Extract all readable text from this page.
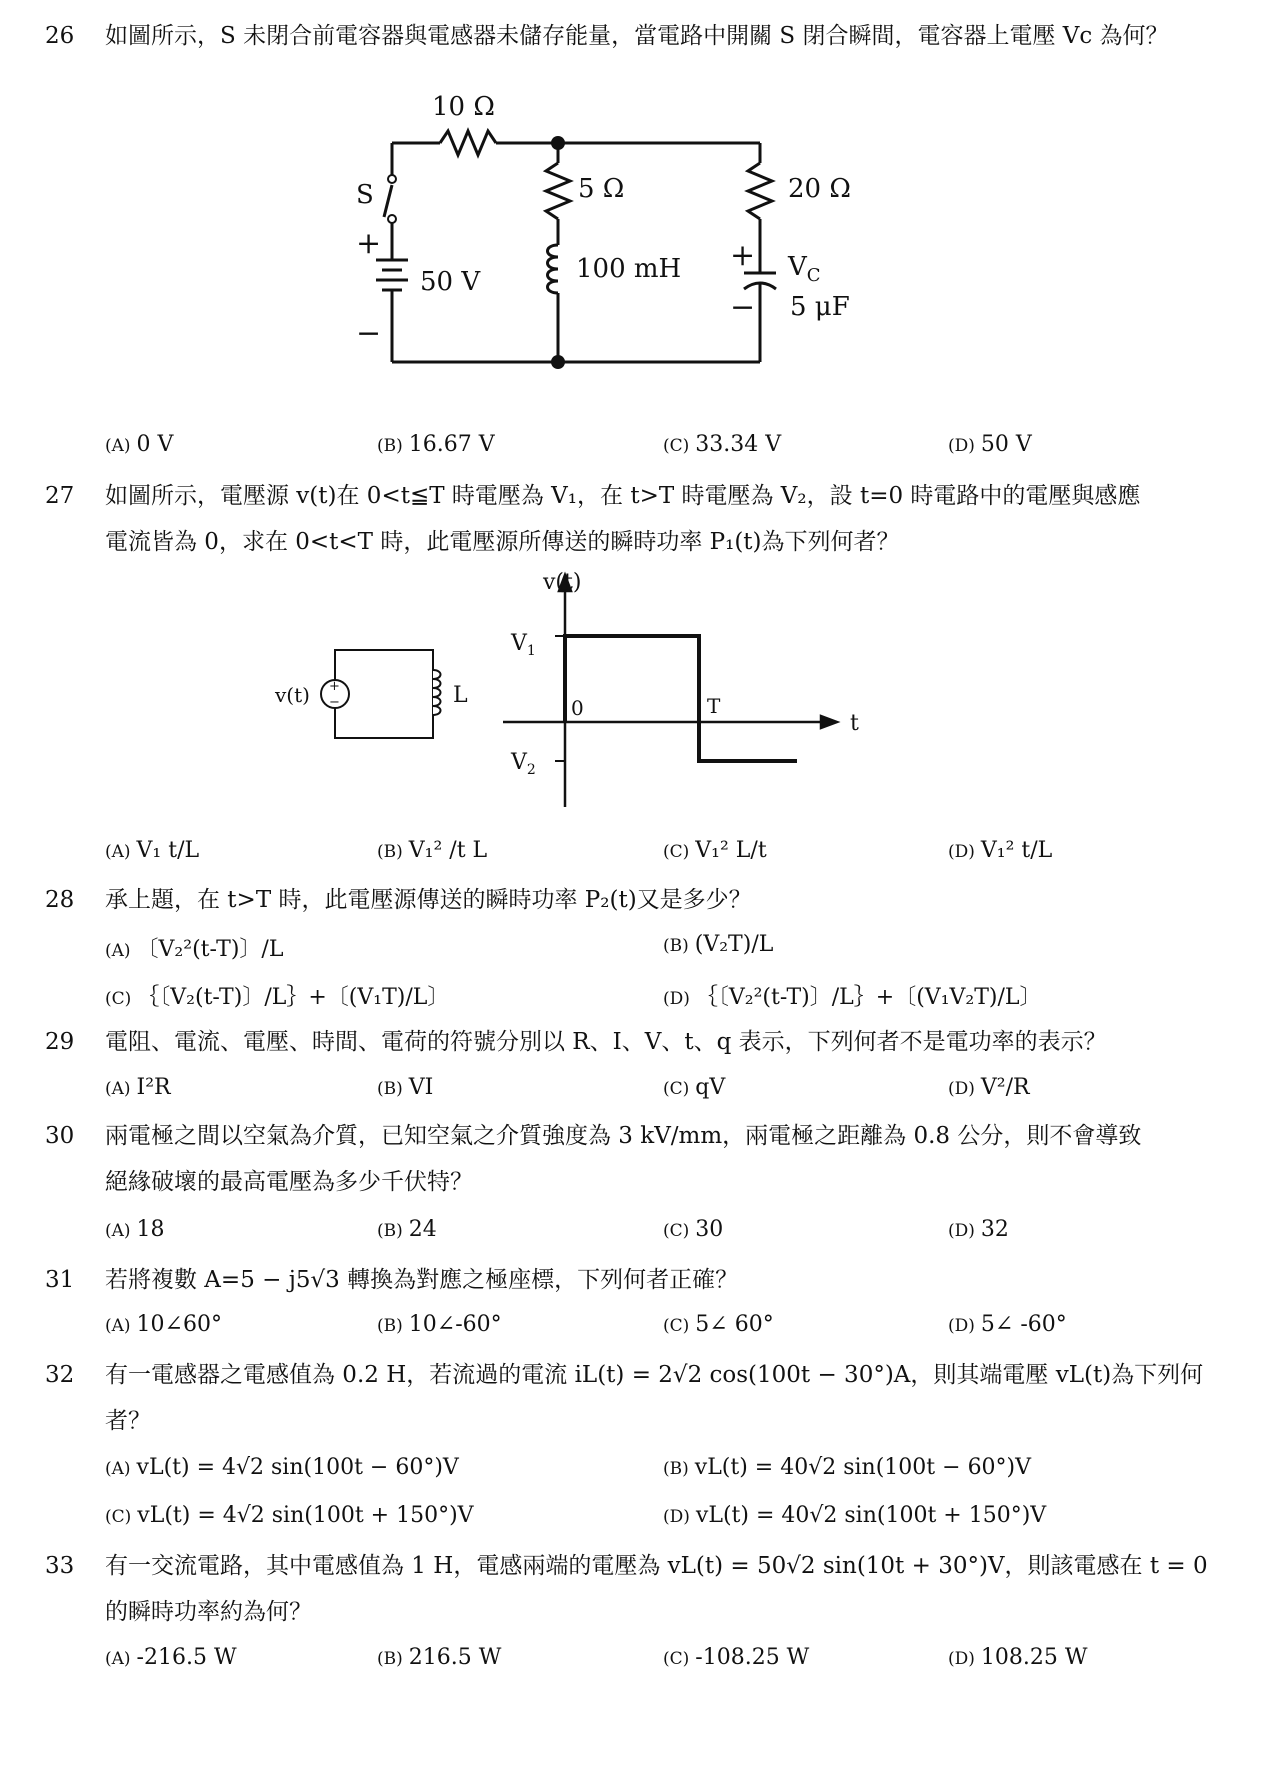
26	如圖所示，S 未閉合前電容器與電感器未儲存能量，當電路中開關 S 閉合瞬間，電容器上電壓 Vc 為何？
10 Ω
S	5 Ω	20 Ω
100 mH
50 V
+
−
+
−
$V_C$
5 μF
(A) 0 V	(B) 16.67 V	(C) 33.34 V	(D) 50 V
27	如圖所示，電壓源 v(t)在 0<t≦T 時電壓為 V₁，在 t>T 時電壓為 V₂，設 t=0 時電路中的電壓與感應
電流皆為 0，求在 0<t<T 時，此電壓源所傳送的瞬時功率 P₁(t)為下列何者？
+
−
v(t)	L
v(t)
t
$V_1$
$V_2$
0	T
(A) V₁ t/L	(B) V₁² /t L	(C) V₁² L/t	(D) V₁² t/L
28	承上題，在 t>T 時，此電壓源傳送的瞬時功率 P₂(t)又是多少？
(A) 〔V₂²(t-T)〕/L	(B) (V₂T)/L
(C) ｛〔V₂(t-T)〕/L｝+〔(V₁T)/L〕	(D) ｛〔V₂²(t-T)〕/L｝+〔(V₁V₂T)/L〕
29	電阻、電流、電壓、時間、電荷的符號分別以 R、I、V、t、q 表示，下列何者不是電功率的表示？
(A) I²R	(B) VI	(C) qV	(D) V²/R
30	兩電極之間以空氣為介質，已知空氣之介質強度為 3 kV/mm，兩電極之距離為 0.8 公分，則不會導致
絕緣破壞的最高電壓為多少千伏特？
(A) 18	(B) 24	(C) 30	(D) 32
31	若將複數 A=5 − j5√3 轉換為對應之極座標，下列何者正確？
(A) 10∠60°	(B) 10∠-60°	(C) 5∠ 60°	(D) 5∠ -60°
32	有一電感器之電感值為 0.2 H，若流過的電流 iL(t) = 2√2 cos(100t − 30°)A，則其端電壓 vL(t)為下列何
者？
(A) vL(t) = 4√2 sin(100t − 60°)V	(B) vL(t) = 40√2 sin(100t − 60°)V
(C) vL(t) = 4√2 sin(100t + 150°)V	(D) vL(t) = 40√2 sin(100t + 150°)V
33	有一交流電路，其中電感值為 1 H，電感兩端的電壓為 vL(t) = 50√2 sin(10t + 30°)V，則該電感在 t = 0
的瞬時功率約為何？
(A) -216.5 W	(B) 216.5 W	(C) -108.25 W	(D) 108.25 W
